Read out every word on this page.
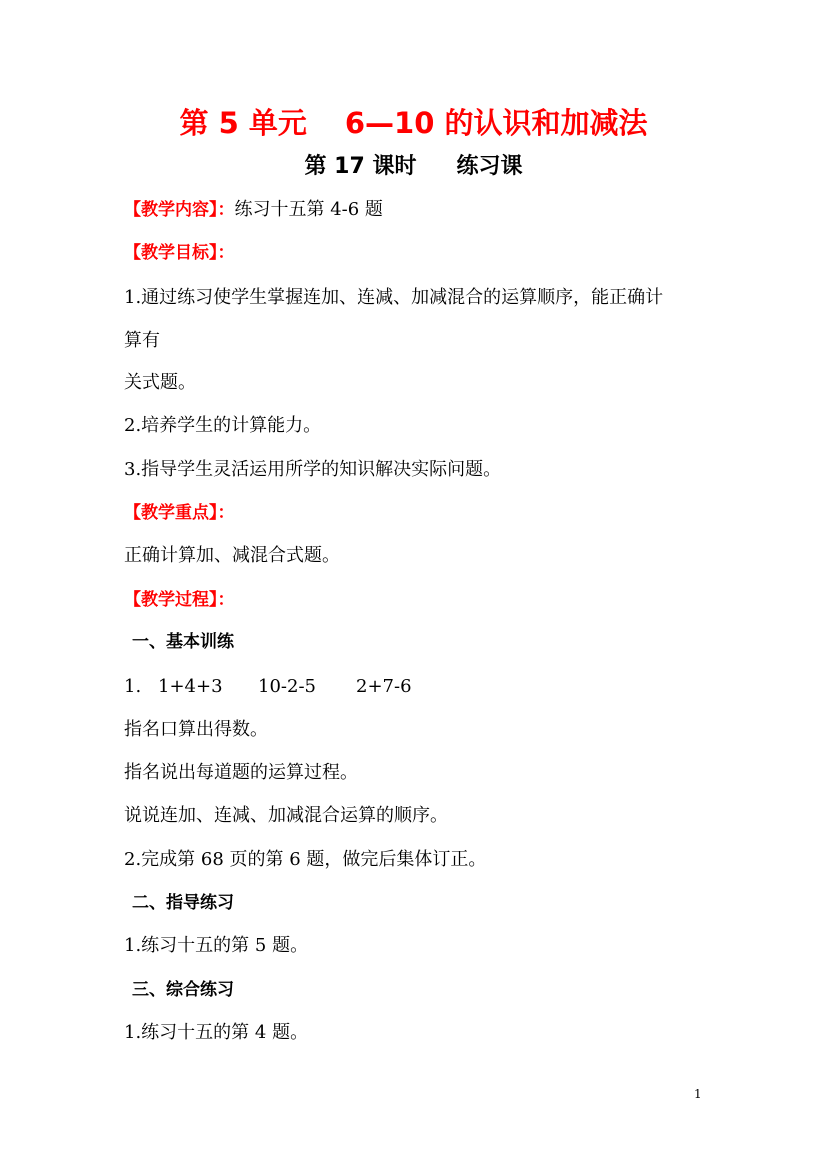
第 5 单元 6—10 的认识和加减法
第 17 课时 练习课
【教学内容】：练习十五第 4-6 题
【教学目标】：
1.通过练习使学生掌握连加、连减、加减混合的运算顺序，能正确计
算有
关式题。
2.培养学生的计算能力。
3.指导学生灵活运用所学的知识解决实际问题。
【教学重点】：
正确计算加、减混合式题。
【教学过程】：
一、基本训练
1. 1+4+3 10-2-5 2+7-6
指名口算出得数。
指名说出每道题的运算过程。
说说连加、连减、加减混合运算的顺序。
2.完成第 68 页的第 6 题，做完后集体订正。
二、指导练习
1.练习十五的第 5 题。
三、综合练习
1.练习十五的第 4 题。
1
